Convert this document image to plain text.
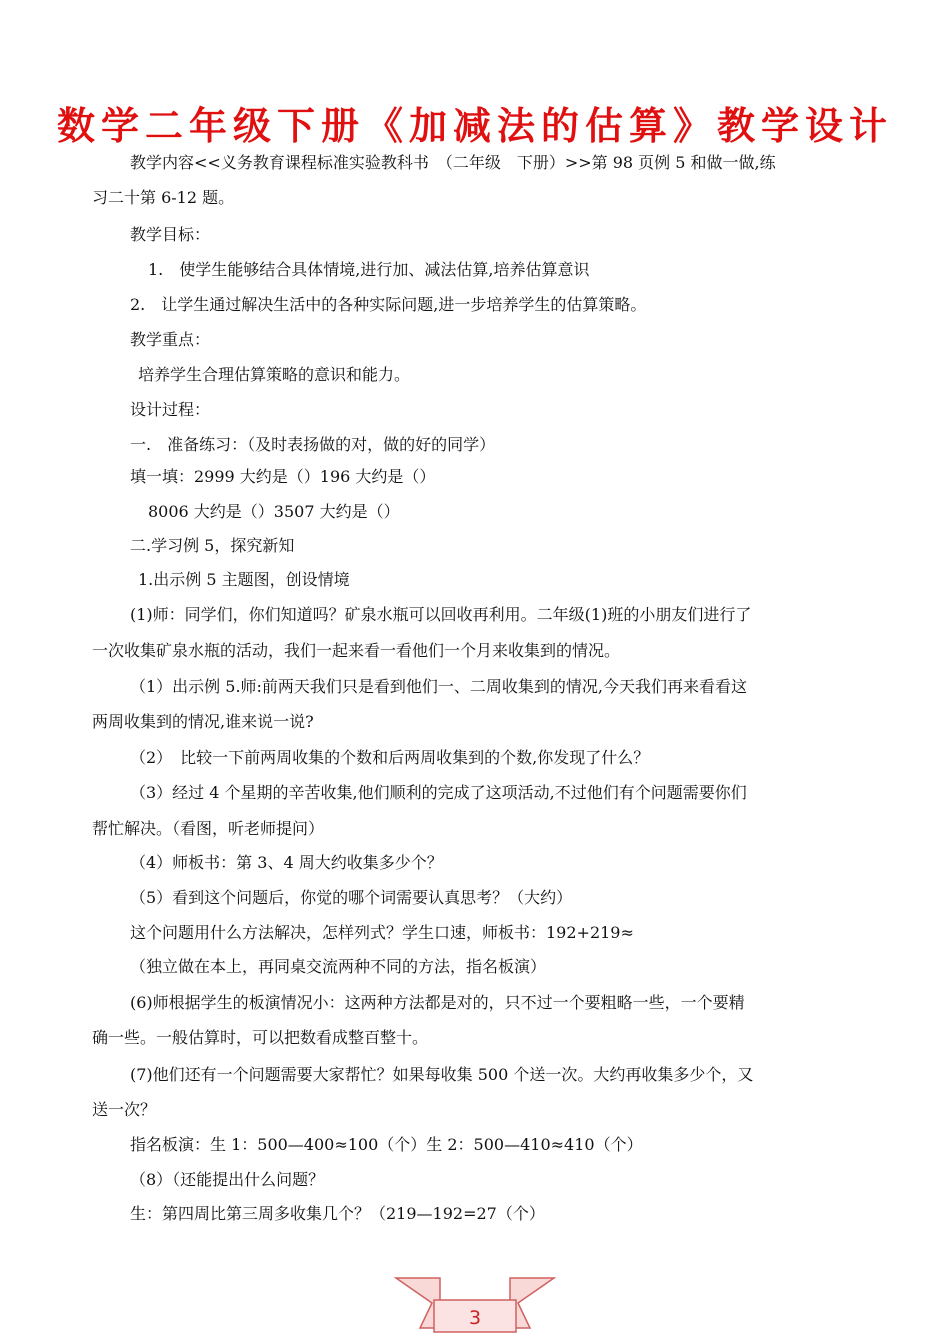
数学二年级下册《加减法的估算》教学设计
教学内容<<义务教育课程标准实验教科书　（二年级　下册）>>第 98 页例 5 和做一做,练
习二十第 6-12 题。
教学目标：
1.　使学生能够结合具体情境,进行加、减法估算,培养估算意识
2.　让学生通过解决生活中的各种实际问题,进一步培养学生的估算策略。
教学重点：
培养学生合理估算策略的意识和能力。
设计过程：
一.　准备练习：（及时表扬做的对，做的好的同学）
填一填：2999 大约是（）196 大约是（）
8006 大约是（）3507 大约是（）
二.学习例 5，探究新知
1.出示例 5 主题图，创设情境
(1)师：同学们，你们知道吗？矿泉水瓶可以回收再利用。二年级(1)班的小朋友们进行了
一次收集矿泉水瓶的活动，我们一起来看一看他们一个月来收集到的情况。
（1）出示例 5.师:前两天我们只是看到他们一、二周收集到的情况,今天我们再来看看这
两周收集到的情况,谁来说一说?
（2）　比较一下前两周收集的个数和后两周收集到的个数,你发现了什么？
（3）经过 4 个星期的辛苦收集,他们顺利的完成了这项活动,不过他们有个问题需要你们
帮忙解决。（看图，听老师提问）
（4）师板书：第 3、4 周大约收集多少个？
（5）看到这个问题后，你觉的哪个词需要认真思考？（大约）
这个问题用什么方法解决，怎样列式？学生口速，师板书：192+219≈
（独立做在本上，再同桌交流两种不同的方法，指名板演）
(6)师根据学生的板演情况小：这两种方法都是对的，只不过一个要粗略一些，一个要精
确一些。一般估算时，可以把数看成整百整十。
(7)他们还有一个问题需要大家帮忙？如果每收集 500 个送一次。大约再收集多少个，又
送一次？
指名板演：生 1：500—400≈100（个）生 2：500—410≈410（个）
（8）（还能提出什么问题？
生：第四周比第三周多收集几个？（219—192=27（个）
3
